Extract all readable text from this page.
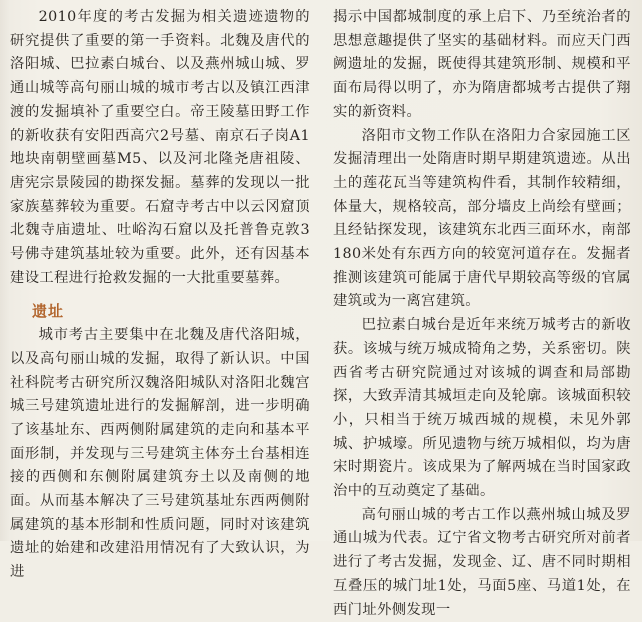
2010年度的考古发掘为相关遗迹遗物的研究提供了重要的第一手资料。北魏及唐代的洛阳城、巴拉素白城台、以及燕州城山城、罗通山城等高句丽山城的城市考古以及镇江西津渡的发掘填补了重要空白。帝王陵墓田野工作的新收获有安阳西高穴2号墓、南京石子岗A1地块南朝壁画墓M5、以及河北隆尧唐祖陵、唐宪宗景陵园的勘探发掘。墓葬的发现以一批家族墓葬较为重要。石窟寺考古中以云冈窟顶北魏寺庙遗址、吐峪沟石窟以及托普鲁克敦3号佛寺建筑基址较为重要。此外，还有因基本建设工程进行抢救发掘的一大批重要墓葬。

遗址

城市考古主要集中在北魏及唐代洛阳城，以及高句丽山城的发掘，取得了新认识。中国社科院考古研究所汉魏洛阳城队对洛阳北魏宫城三号建筑遗址进行的发掘解剖，进一步明确了该基址东、西两侧附属建筑的走向和基本平面形制，并发现与三号建筑主体夯土台基相连接的西侧和东侧附属建筑夯土以及南侧的地面。从而基本解决了三号建筑基址东西两侧附属建筑的基本形制和性质问题，同时对该建筑遗址的始建和改建沿用情况有了大致认识，为进

揭示中国都城制度的承上启下、乃至统治者的思想意趣提供了坚实的基础材料。而应天门西阙遗址的发掘，既使得其建筑形制、规模和平面布局得以明了，亦为隋唐都城考古提供了翔实的新资料。

洛阳市文物工作队在洛阳力合家园施工区发掘清理出一处隋唐时期早期建筑遗迹。从出土的莲花瓦当等建筑构件看，其制作较精细，体量大，规格较高，部分墙皮上尚绘有壁画；且经钻探发现，该建筑东北西三面环水，南部180米处有东西方向的较宽河道存在。发掘者推测该建筑可能属于唐代早期较高等级的官属建筑或为一离宫建筑。

巴拉素白城台是近年来统万城考古的新收获。该城与统万城成犄角之势，关系密切。陕西省考古研究院通过对该城的调查和局部勘探，大致弄清其城垣走向及轮廓。该城面积较小，只相当于统万城西城的规模，未见外郭城、护城壕。所见遗物与统万城相似，均为唐宋时期瓷片。该成果为了解两城在当时国家政治中的互动奠定了基础。

高句丽山城的考古工作以燕州城山城及罗通山城为代表。辽宁省文物考古研究所对前者进行了考古发掘，发现金、辽、唐不同时期相互叠压的城门址1处，马面5座、马道1处，在西门址外侧发现一
